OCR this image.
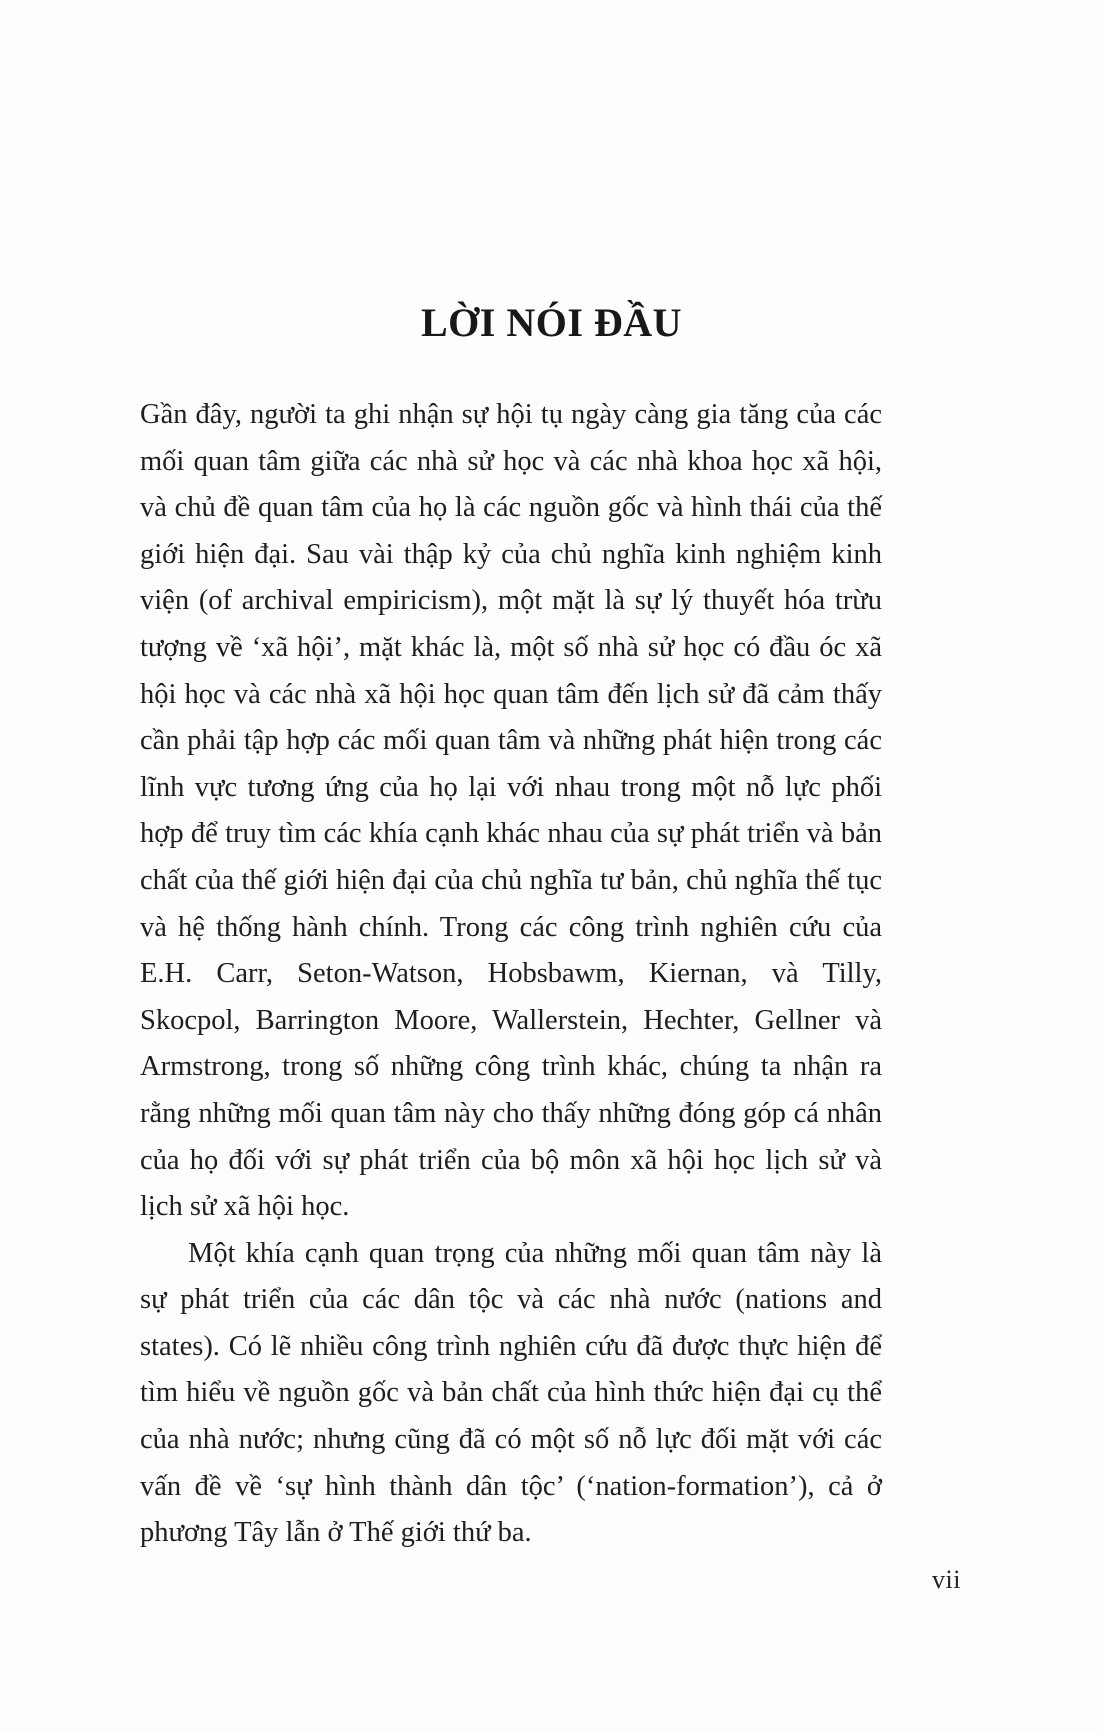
LỜI NÓI ĐẦU

Gần đây, người ta ghi nhận sự hội tụ ngày càng gia tăng của các mối quan tâm giữa các nhà sử học và các nhà khoa học xã hội, và chủ đề quan tâm của họ là các nguồn gốc và hình thái của thế giới hiện đại. Sau vài thập kỷ của chủ nghĩa kinh nghiệm kinh viện (of archival empiricism), một mặt là sự lý thuyết hóa trừu tượng về ‘xã hội’, mặt khác là, một số nhà sử học có đầu óc xã hội học và các nhà xã hội học quan tâm đến lịch sử đã cảm thấy cần phải tập hợp các mối quan tâm và những phát hiện trong các lĩnh vực tương ứng của họ lại với nhau trong một nỗ lực phối hợp để truy tìm các khía cạnh khác nhau của sự phát triển và bản chất của thế giới hiện đại của chủ nghĩa tư bản, chủ nghĩa thế tục và hệ thống hành chính. Trong các công trình nghiên cứu của E.H. Carr, Seton-Watson, Hobsbawm, Kiernan, và Tilly, Skocpol, Barrington Moore, Wallerstein, Hechter, Gellner và Armstrong, trong số những công trình khác, chúng ta nhận ra rằng những mối quan tâm này cho thấy những đóng góp cá nhân của họ đối với sự phát triển của bộ môn xã hội học lịch sử và lịch sử xã hội học.

Một khía cạnh quan trọng của những mối quan tâm này là sự phát triển của các dân tộc và các nhà nước (nations and states). Có lẽ nhiều công trình nghiên cứu đã được thực hiện để tìm hiểu về nguồn gốc và bản chất của hình thức hiện đại cụ thể của nhà nước; nhưng cũng đã có một số nỗ lực đối mặt với các vấn đề về ‘sự hình thành dân tộc’ (‘nation-formation’), cả ở phương Tây lẫn ở Thế giới thứ ba.

vii
